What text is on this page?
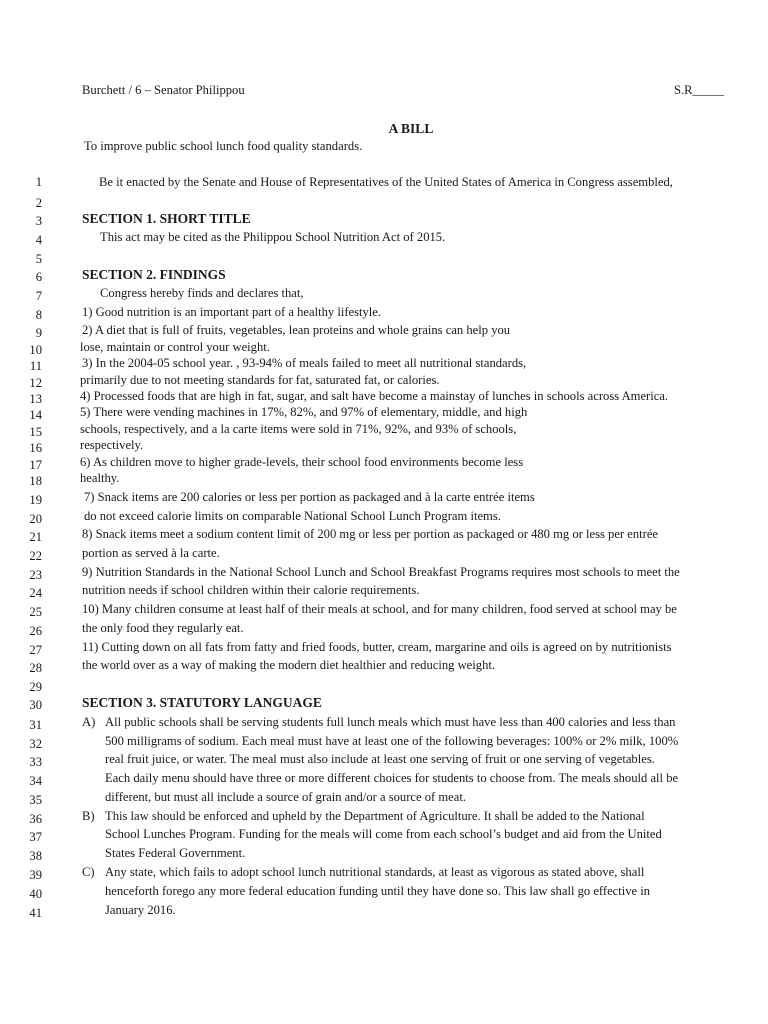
Burchett / 6 – Senator Philippou	S.R_____
A BILL
To improve public school lunch food quality standards.
1
2
3
4
5
6
7
8
9
10
11
12
13
14
15
16
17
18
19
20
21
22
23
24
25
26
27
28
29
30
31
32
33
34
35
36
37
38
39
40
41
Be it enacted by the Senate and House of Representatives of the United States of America in Congress assembled,
SECTION 1. SHORT TITLE
This act may be cited as the Philippou School Nutrition Act of 2015.
SECTION 2. FINDINGS
Congress hereby finds and declares that,
1) Good nutrition is an important part of a healthy lifestyle.
2) A diet that is full of fruits, vegetables, lean proteins and whole grains can help you
lose, maintain or control your weight.
3) In the 2004-05 school year. , 93-94% of meals failed to meet all nutritional standards,
primarily due to not meeting standards for fat, saturated fat, or calories.
4) Processed foods that are high in fat, sugar, and salt have become a mainstay of lunches in schools across America.
5) There were vending machines in 17%, 82%, and 97% of elementary, middle, and high
schools, respectively, and a la carte items were sold in 71%, 92%, and 93% of schools,
respectively.
6) As children move to higher grade-levels, their school food environments become less
healthy.
7) Snack items are 200 calories or less per portion as packaged and à la carte entrée items
do not exceed calorie limits on comparable National School Lunch Program items.
8) Snack items meet a sodium content limit of 200 mg or less per portion as packaged or 480 mg or less per entrée
portion as served à la carte.
9) Nutrition Standards in the National School Lunch and School Breakfast Programs requires most schools to meet the
nutrition needs if school children within their calorie requirements.
10) Many children consume at least half of their meals at school, and for many children, food served at school may be
the only food they regularly eat.
11) Cutting down on all fats from fatty and fried foods, butter, cream, margarine and oils is agreed on by nutritionists
the world over as a way of making the modern diet healthier and reducing weight.
SECTION 3. STATUTORY LANGUAGE
A) All public schools shall be serving students full lunch meals which must have less than 400 calories and less than
500 milligrams of sodium. Each meal must have at least one of the following beverages: 100% or 2% milk, 100%
real fruit juice, or water. The meal must also include at least one serving of fruit or one serving of vegetables.
Each daily menu should have three or more different choices for students to choose from. The meals should all be
different, but must all include a source of grain and/or a source of meat.
B) This law should be enforced and upheld by the Department of Agriculture. It shall be added to the National
School Lunches Program. Funding for the meals will come from each school’s budget and aid from the United
States Federal Government.
C) Any state, which fails to adopt school lunch nutritional standards, at least as vigorous as stated above, shall
henceforth forego any more federal education funding until they have done so. This law shall go effective in
January 2016.
